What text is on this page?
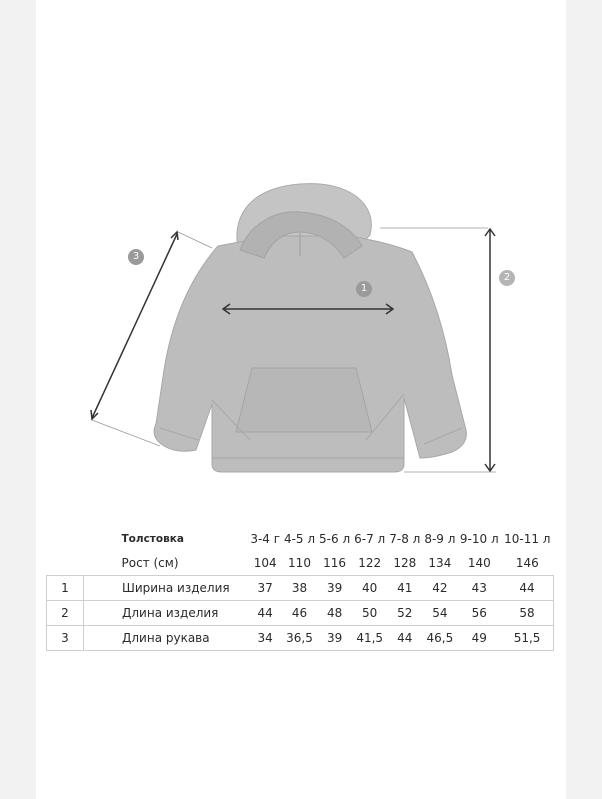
1
2
3
	Толстовка	3-4 г	4-5 л	5-6 л	6-7 л	7-8 л	8-9 л	9-10 л	10-11 л
	Рост (см)	104	110	116	122	128	134	140	146
1	Ширина изделия	37	38	39	40	41	42	43	44
2	Длина изделия	44	46	48	50	52	54	56	58
3	Длина рукава	34	36,5	39	41,5	44	46,5	49	51,5
